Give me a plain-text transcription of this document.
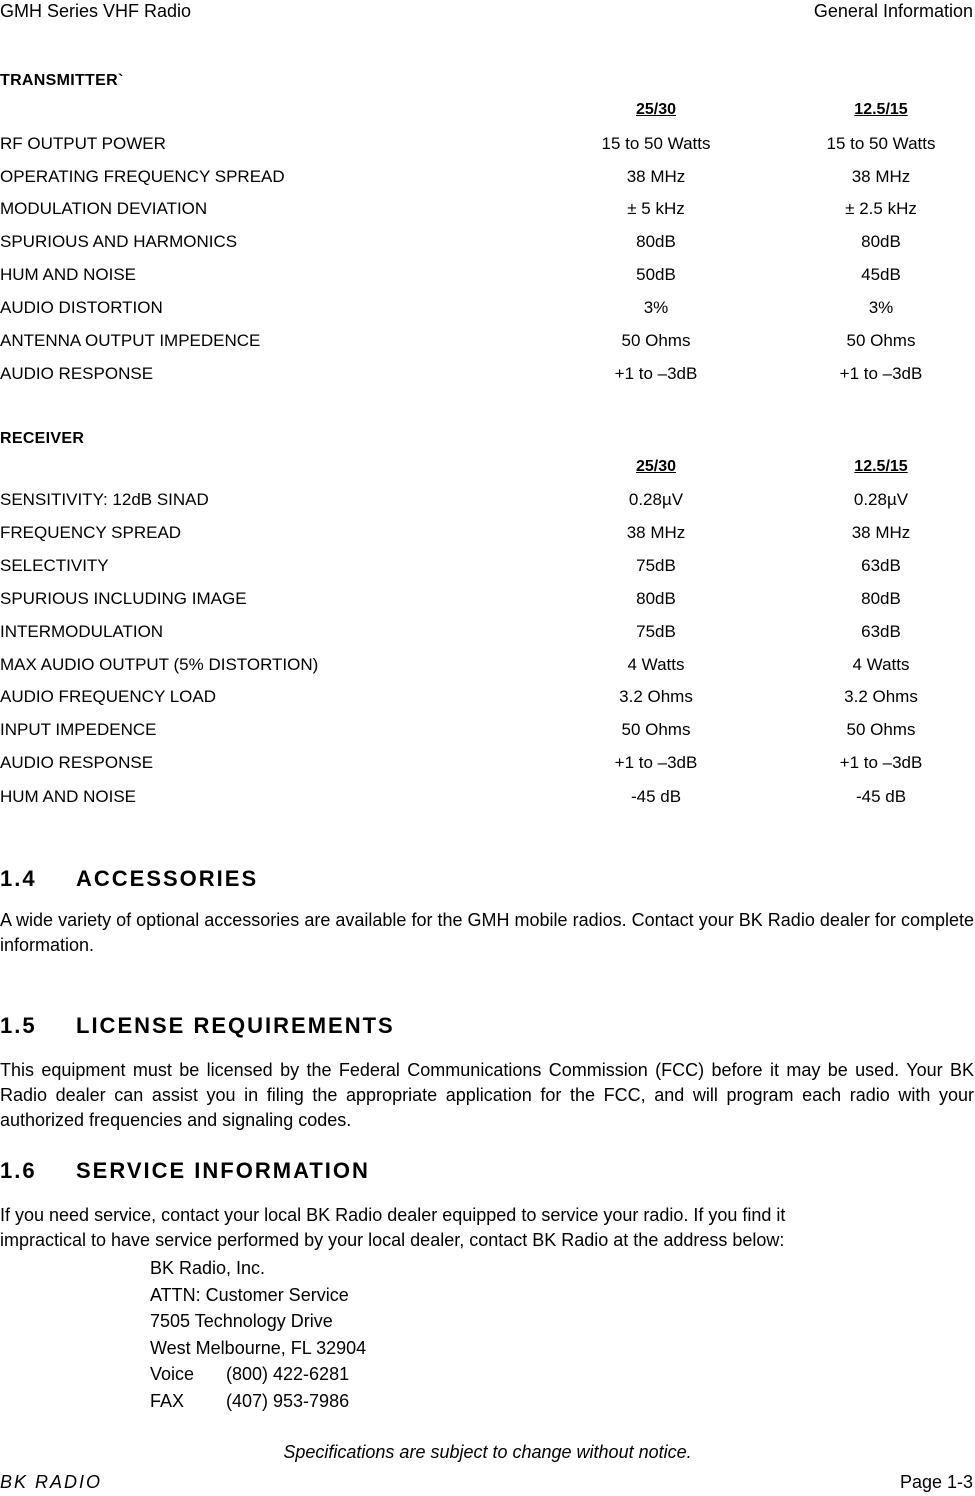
GMH Series VHF Radio	General Information
TRANSMITTER`
25/30	12.5/15
RF OUTPUT POWER	15 to 50 Watts	15 to 50 Watts
OPERATING FREQUENCY SPREAD	38 MHz	38 MHz
MODULATION DEVIATION	± 5 kHz	± 2.5 kHz
SPURIOUS AND HARMONICS	80dB	80dB
HUM AND NOISE	50dB	45dB
AUDIO DISTORTION	3%	3%
ANTENNA OUTPUT IMPEDENCE	50 Ohms	50 Ohms
AUDIO RESPONSE	+1 to –3dB	+1 to –3dB
RECEIVER
25/30	12.5/15
SENSITIVITY: 12dB SINAD	0.28µV	0.28µV
FREQUENCY SPREAD	38 MHz	38 MHz
SELECTIVITY	75dB	63dB
SPURIOUS INCLUDING IMAGE	80dB	80dB
INTERMODULATION	75dB	63dB
MAX AUDIO OUTPUT (5% DISTORTION)	4 Watts	4 Watts
AUDIO FREQUENCY LOAD	3.2 Ohms	3.2 Ohms
INPUT IMPEDENCE	50 Ohms	50 Ohms
AUDIO RESPONSE	+1 to –3dB	+1 to –3dB
HUM AND NOISE	-45 dB	-45 dB
1.4 ACCESSORIES
A wide variety of optional accessories are available for the GMH mobile radios. Contact your BK Radio dealer for complete information.
1.5 LICENSE REQUIREMENTS
This equipment must be licensed by the Federal Communications Commission (FCC) before it may be used. Your BK Radio dealer can assist you in filing the appropriate application for the FCC, and will program each radio with your authorized frequencies and signaling codes.
1.6 SERVICE INFORMATION
If you need service, contact your local BK Radio dealer equipped to service your radio. If you find it
impractical to have service performed by your local dealer, contact BK Radio at the address below:
BK Radio, Inc.
ATTN: Customer Service
7505 Technology Drive
West Melbourne, FL 32904
Voice (800) 422-6281
FAX (407) 953-7986
Specifications are subject to change without notice.
BK RADIO	Page 1-3
